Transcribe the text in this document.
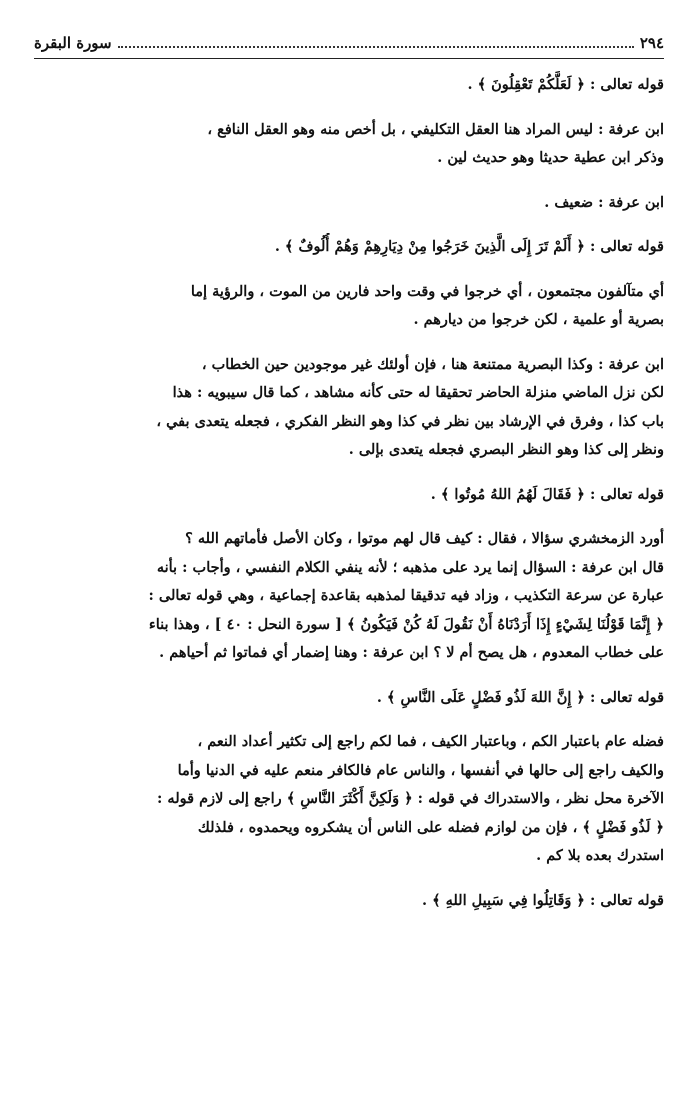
٢٩٤
سورة البقرة

قوله تعالى : ﴿ لَعَلَّكُمْ تَعْقِلُونَ ﴾ .

ابن عرفة : ليس المراد هنا العقل التكليفي ، بل أخص منه وهو العقل النافع ،
وذكر ابن عطية حديثا وهو حديث لين .

ابن عرفة : ضعيف .

قوله تعالى : ﴿ أَلَمْ تَرَ إِلَى الَّذِينَ خَرَجُوا مِنْ دِيَارِهِمْ وَهُمْ أُلُوفٌ ﴾ .

أي متآلفون مجتمعون ، أي خرجوا في وقت واحد فارين من الموت ، والرؤية إما
بصرية أو علمية ، لكن خرجوا من ديارهم .

ابن عرفة : وكذا البصرية ممتنعة هنا ، فإن أولئك غير موجودين حين الخطاب ،
لكن نزل الماضي منزلة الحاضر تحقيقا له حتى كأنه مشاهد ، كما قال سيبويه : هذا
باب كذا ، وفرق في الإرشاد بين نظر في كذا وهو النظر الفكري ، فجعله يتعدى بفي ،
ونظر إلى كذا وهو النظر البصري فجعله يتعدى بإلى .

قوله تعالى : ﴿ فَقَالَ لَهُمُ اللهُ مُوتُوا ﴾ .

أورد الزمخشري سؤالا ، فقال : كيف قال لهم موتوا ، وكان الأصل فأماتهم الله ؟
قال ابن عرفة : السؤال إنما يرد على مذهبه ؛ لأنه ينفي الكلام النفسي ، وأجاب : بأنه
عبارة عن سرعة التكذيب ، وزاد فيه تدقيقا لمذهبه بقاعدة إجماعية ، وهي قوله تعالى :
﴿ إِنَّمَا قَوْلُنَا لِشَيْءٍ إِذَا أَرَدْنَاهُ أَنْ نَقُولَ لَهُ كُنْ فَيَكُونُ ﴾ [ سورة النحل : ٤٠ ] ، وهذا بناء
على خطاب المعدوم ، هل يصح أم لا ؟ ابن عرفة : وهنا إضمار أي فماتوا ثم أحياهم .

قوله تعالى : ﴿ إِنَّ اللهَ لَذُو فَضْلٍ عَلَى النَّاسِ ﴾ .

فضله عام باعتبار الكم ، وباعتبار الكيف ، فما لكم راجع إلى تكثير أعداد النعم ،
والكيف راجع إلى حالها في أنفسها ، والناس عام فالكافر منعم عليه في الدنيا وأما
الآخرة محل نظر ، والاستدراك في قوله : ﴿ وَلَكِنَّ أَكْثَرَ النَّاسِ ﴾ راجع إلى لازم قوله :
﴿ لَذُو فَضْلٍ ﴾ ، فإن من لوازم فضله على الناس أن يشكروه ويحمدوه ، فلذلك
استدرك بعده بلا كم .

قوله تعالى : ﴿ وَقَاتِلُوا فِي سَبِيلِ اللهِ ﴾ .
